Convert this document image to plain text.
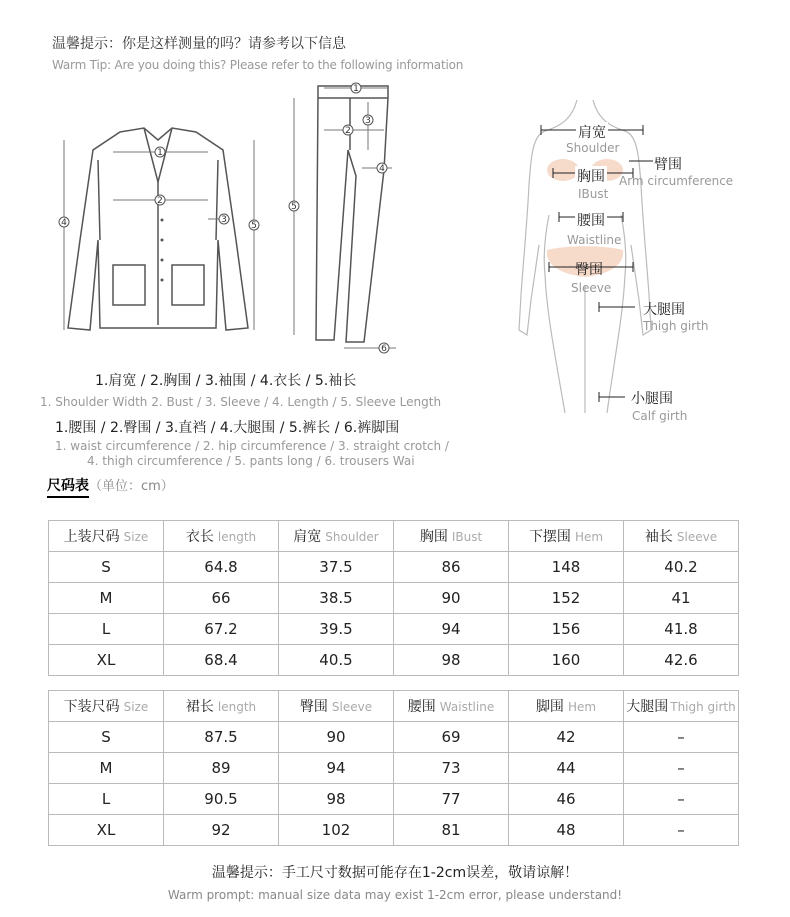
温馨提示：你是这样测量的吗？请参考以下信息
Warm Tip: Are you doing this? Please refer to the following information
1
2
3
4	5
1
2
3
4
5
6
1.肩宽 / 2.胸围 / 3.袖围 / 4.衣长 / 5.袖长
1. Shoulder Width 2. Bust / 3. Sleeve / 4. Length / 5. Sleeve Length
1.腰围 / 2.臀围 / 3.直裆 / 4.大腿围 / 5.裤长 / 6.裤脚围
1. waist circumference / 2. hip circumference / 3. straight crotch /
4. thigh circumference / 5. pants long / 6. trousers Wai
肩宽
Shoulder
臂围
Arm circumference
胸围
IBust
腰围
Waistline
臀围
Sleeve
大腿围
Thigh girth
小腿围
Calf girth
尺码表（单位：cm）
上装尺码 Size	衣长 length	肩宽 Shoulder	胸围 IBust	下摆围 Hem	袖长 Sleeve
S	64.8	37.5	86	148	40.2
M	66	38.5	90	152	41
L	67.2	39.5	94	156	41.8
XL	68.4	40.5	98	160	42.6
下装尺码 Size	裙长 length	臀围 Sleeve	腰围 Waistline	脚围 Hem	大腿围 Thigh girth
S	87.5	90	69	42	–
M	89	94	73	44	–
L	90.5	98	77	46	–
XL	92	102	81	48	–
温馨提示：手工尺寸数据可能存在1-2cm误差，敬请谅解！
Warm prompt: manual size data may exist 1-2cm error, please understand!
